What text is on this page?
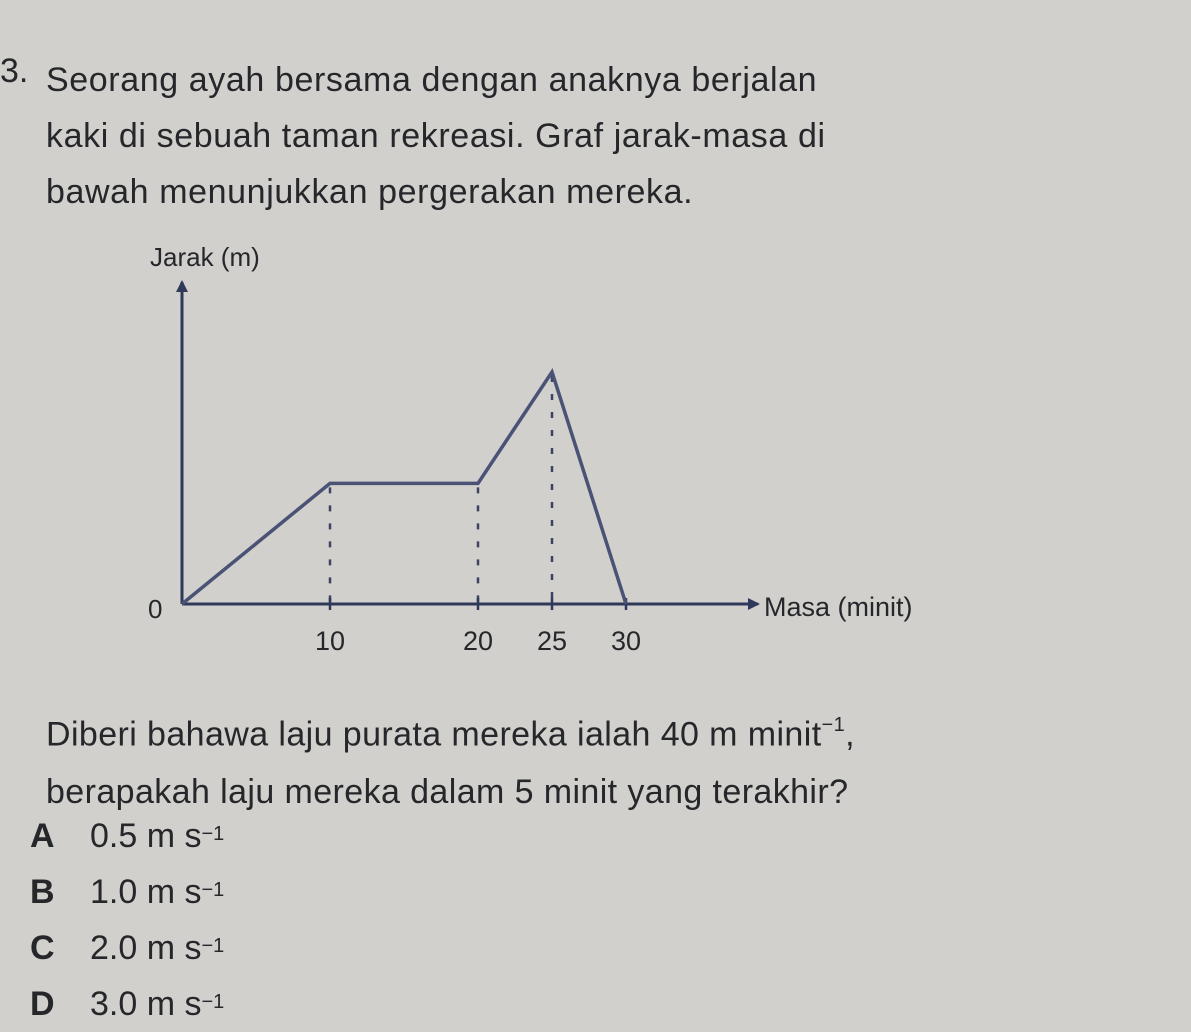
3. Seorang ayah bersama dengan anaknya berjalan
kaki di sebuah taman rekreasi. Graf jarak-masa di
bawah menunjukkan pergerakan mereka.
Jarak (m)
Masa (minit)
0
10	20 25 30
Diberi bahawa laju purata mereka ialah 40 m minit$^{-1}$,
berapakah laju mereka dalam 5 minit yang terakhir?
A	0.5 m $s^{-1}$
B	1.0 m $s^{-1}$
C	2.0 m $s^{-1}$
D	3.0 m $s^{-1}$
